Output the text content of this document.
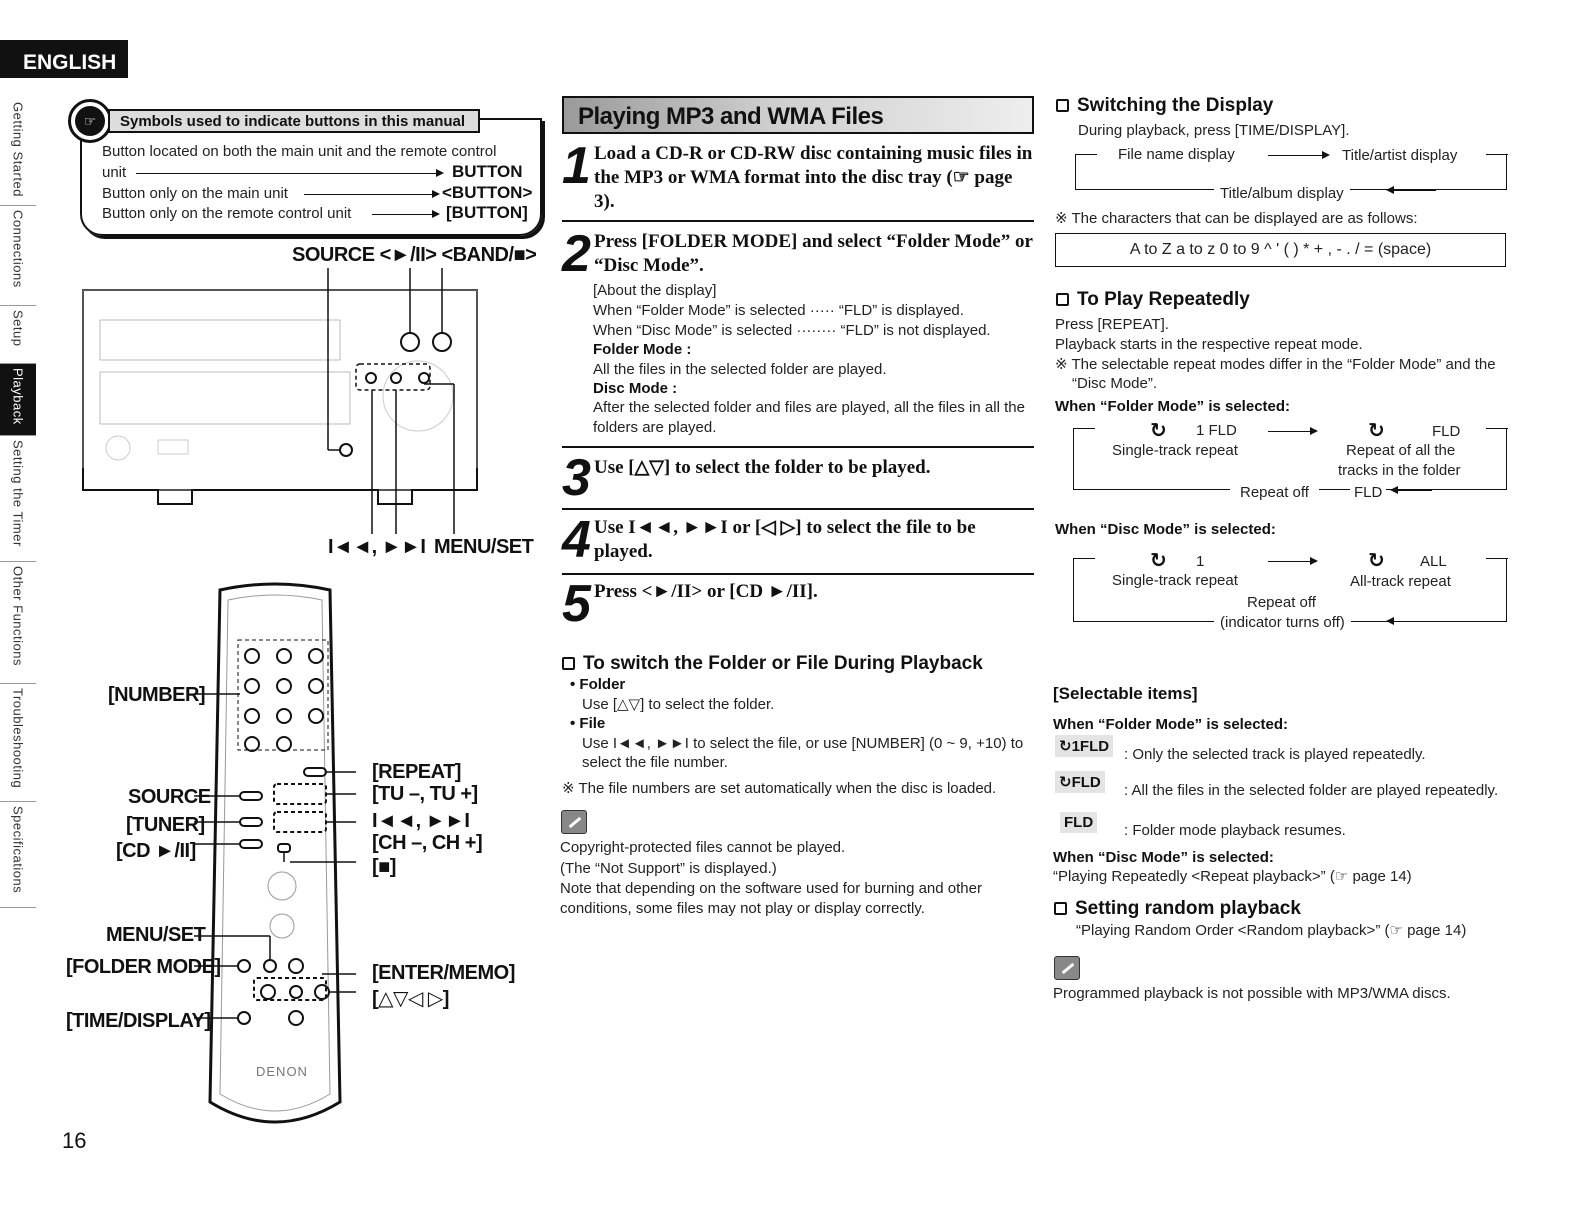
ENGLISH
Getting Started
Connections
Setup
Playback
Setting the Timer
Other Functions
Troubleshooting
Specifications
☞	Symbols used to indicate buttons in this manual
Button located on both the main unit and the remote control
unit	BUTTON
Button only on the main unit	<BUTTON>
Button only on the remote control unit	[BUTTON]
SOURCE <►/II> <BAND/■>
I◄◄, ►►I MENU/SET
DENON
[NUMBER]
SOURCE
[TUNER]
[CD ►/II]
MENU/SET
[FOLDER MODE]
[TIME/DISPLAY]
[REPEAT]
[TU –, TU +]
I◄◄, ►►I
[CH –, CH +]
[■]
[ENTER/MEMO]
[△▽◁ ▷]
16
Playing MP3 and WMA Files
1 Load a CD-R or CD-RW disc containing music files in the MP3 or WMA format into the disc tray (☞ page 3).
2 Press [FOLDER MODE] and select “Folder Mode” or “Disc Mode”.
[About the display]
When “Folder Mode” is selected ····· “FLD” is displayed.
When “Disc Mode” is selected ········ “FLD” is not displayed.
Folder Mode :
All the files in the selected folder are played.
Disc Mode :
After the selected folder and files are played, all the files in all the
folders are played.
3 Use [△▽] to select the folder to be played.
4 Use I◄◄, ►►I or [◁ ▷] to select the file to be
played.
5 Press <►/II> or [CD ►/II].
To switch the Folder or File During Playback
• Folder
Use [△▽] to select the folder.
• File
Use I◄◄, ►►I to select the file, or use [NUMBER] (0 ~ 9, +10) to
select the file number.
※ The file numbers are set automatically when the disc is loaded.
Copyright-protected files cannot be played.
(The “Not Support” is displayed.)
Note that depending on the software used for burning and other
conditions, some files may not play or display correctly.
Switching the Display
During playback, press [TIME/DISPLAY].
File name display	Title/artist display
Title/album display
※ The characters that can be displayed are as follows:
A to Z a to z 0 to 9 ^ ' ( ) * + , - . / = (space)
To Play Repeatedly
Press [REPEAT].
Playback starts in the respective repeat mode.
※ The selectable repeat modes differ in the “Folder Mode” and the
“Disc Mode”.
When “Folder Mode” is selected:
↻ 1 FLD
Single-track repeat
↻	FLD
Repeat of all the
tracks in the folder
Repeat off	FLD
When “Disc Mode” is selected:
↻ 1
Single-track repeat
↻ ALL
All-track repeat
Repeat off
(indicator turns off)
[Selectable items]
When “Folder Mode” is selected:
↻1FLD : Only the selected track is played repeatedly.
↻FLD : All the files in the selected folder are played repeatedly.
FLD : Folder mode playback resumes.
When “Disc Mode” is selected:
“Playing Repeatedly <Repeat playback>” (☞ page 14)
Setting random playback
“Playing Random Order <Random playback>” (☞ page 14)
Programmed playback is not possible with MP3/WMA discs.
